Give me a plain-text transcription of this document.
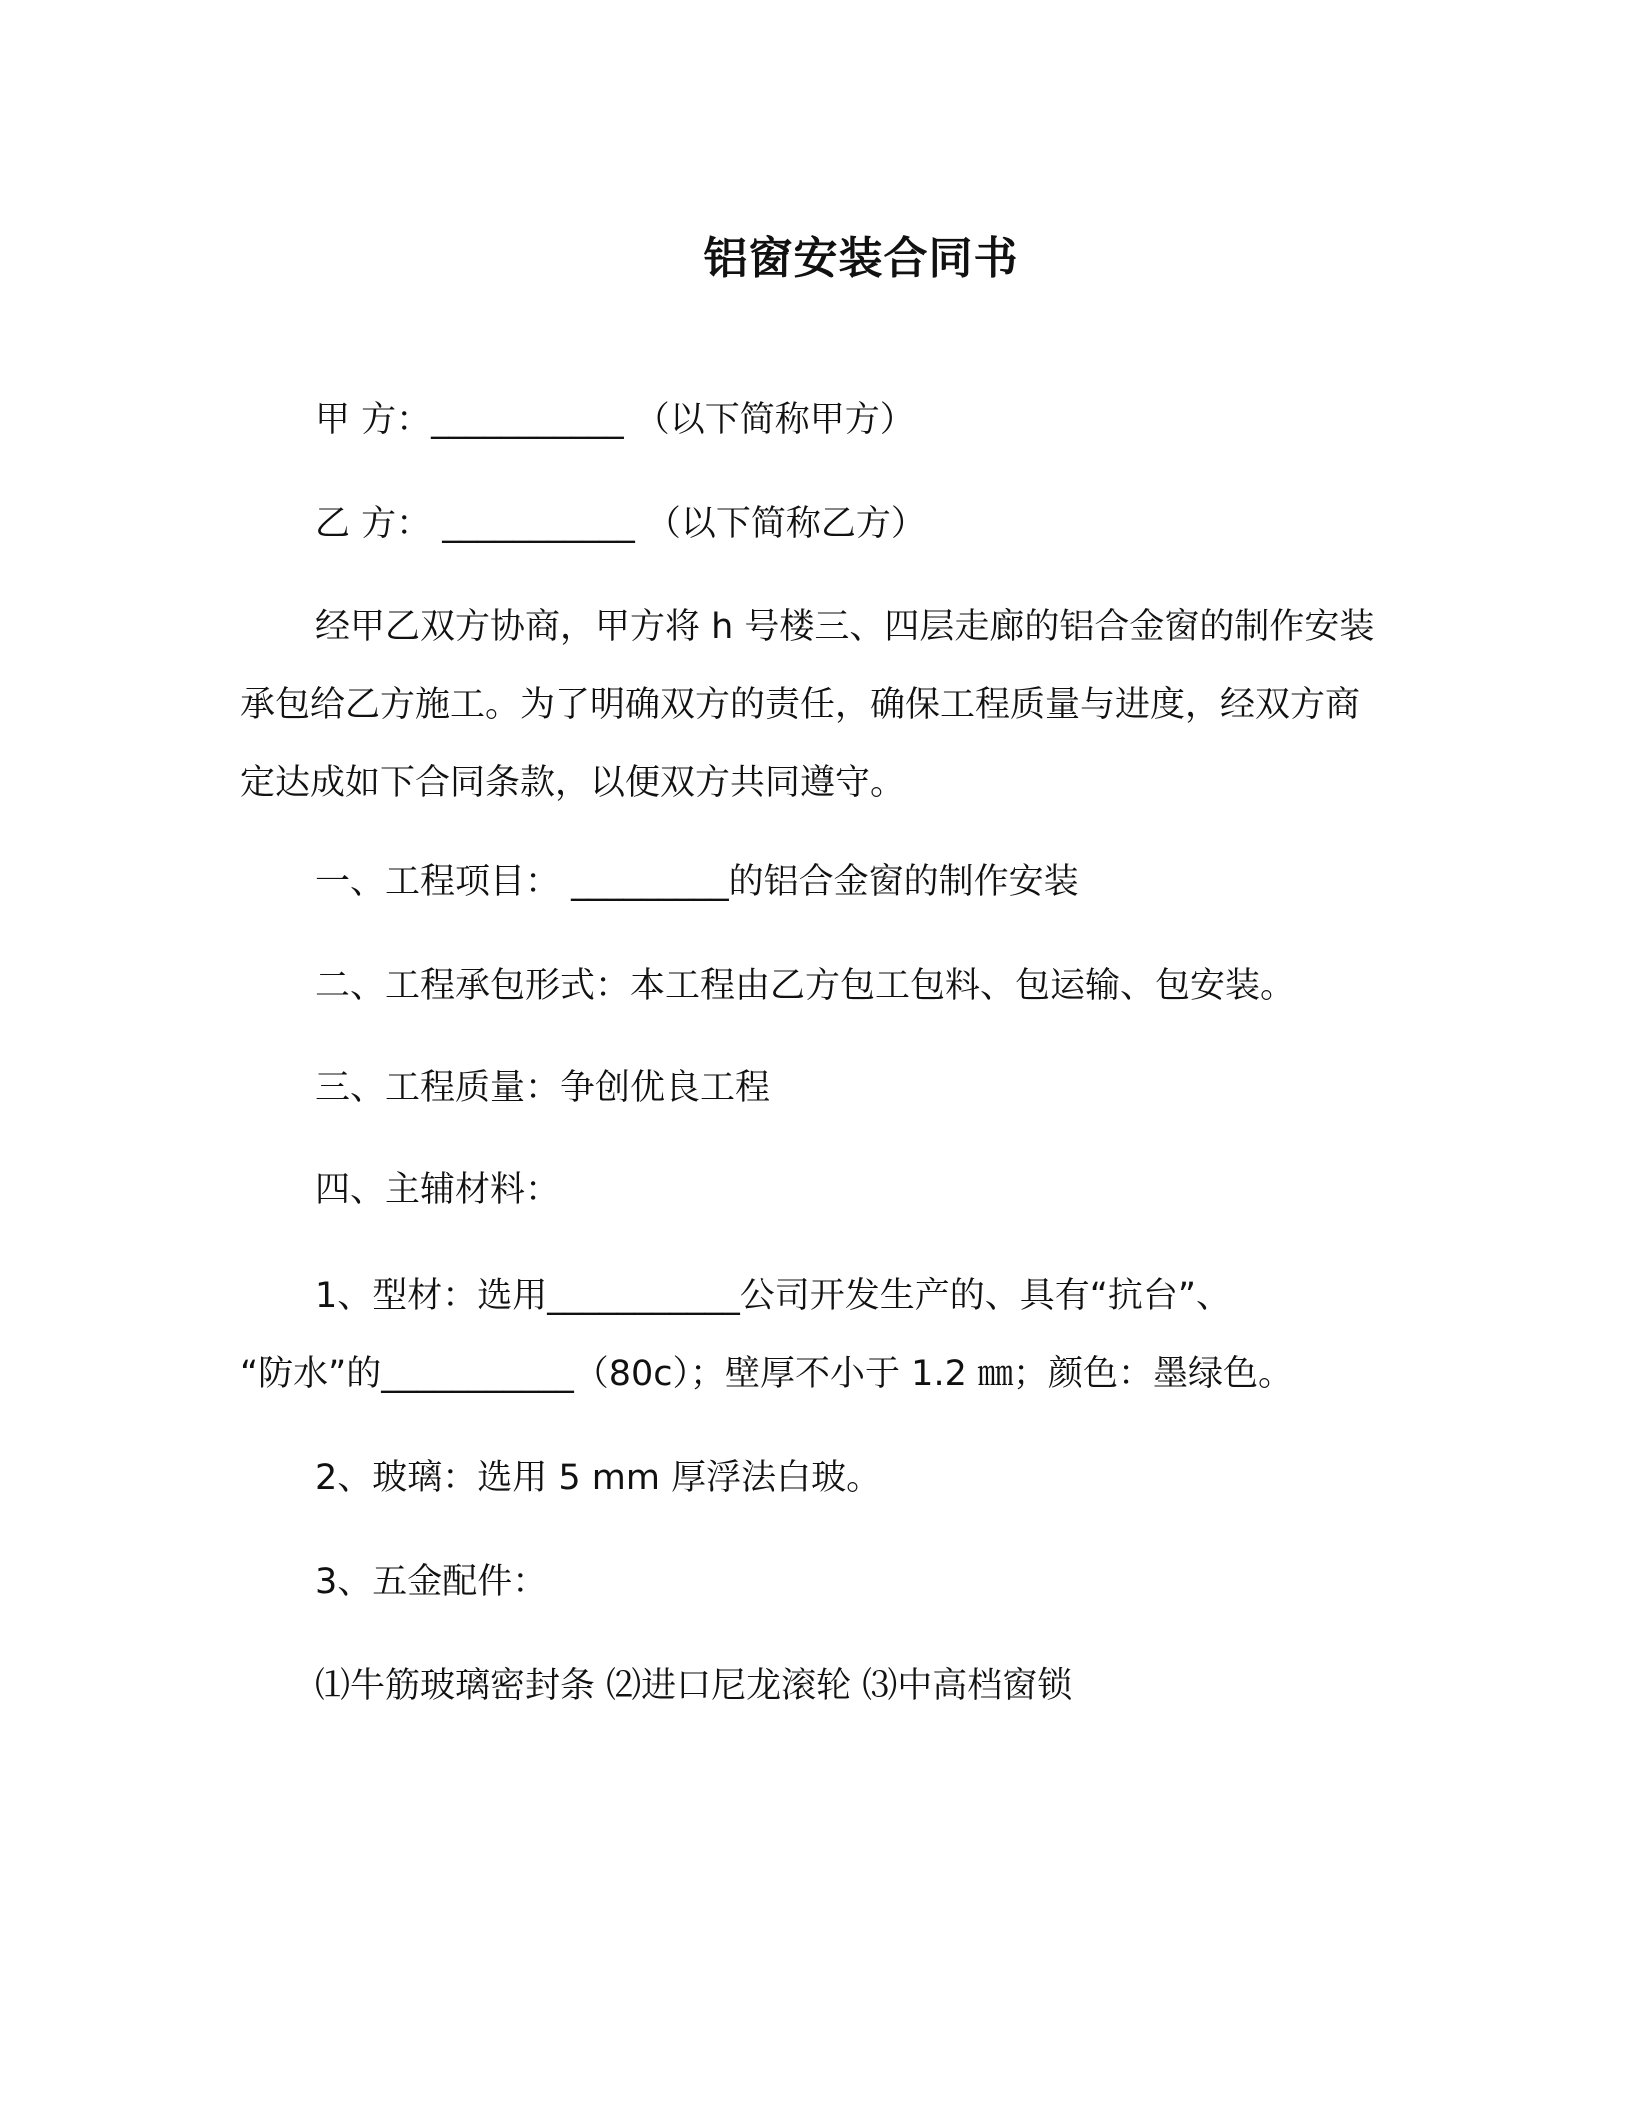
铝窗安装合同书
甲 方：___________ （以下简称甲方）
乙 方： ___________ （以下简称乙方）
经甲乙双方协商，甲方将 h 号楼三、四层走廊的铝合金窗的制作安装承包给乙方施工。为了明确双方的责任，确保工程质量与进度，经双方商定达成如下合同条款，以便双方共同遵守。
一、工程项目： _________的铝合金窗的制作安装
二、工程承包形式：本工程由乙方包工包料、包运输、包安装。
三、工程质量：争创优良工程
四、主辅材料：
1、型材：选用___________公司开发生产的、具有“抗台”、
“防水”的___________（80c）；壁厚不小于 1.2 ㎜；颜色：墨绿色。
2、玻璃：选用 5 mm 厚浮法白玻。
3、五金配件：
⑴牛筋玻璃密封条 ⑵进口尼龙滚轮 ⑶中高档窗锁
